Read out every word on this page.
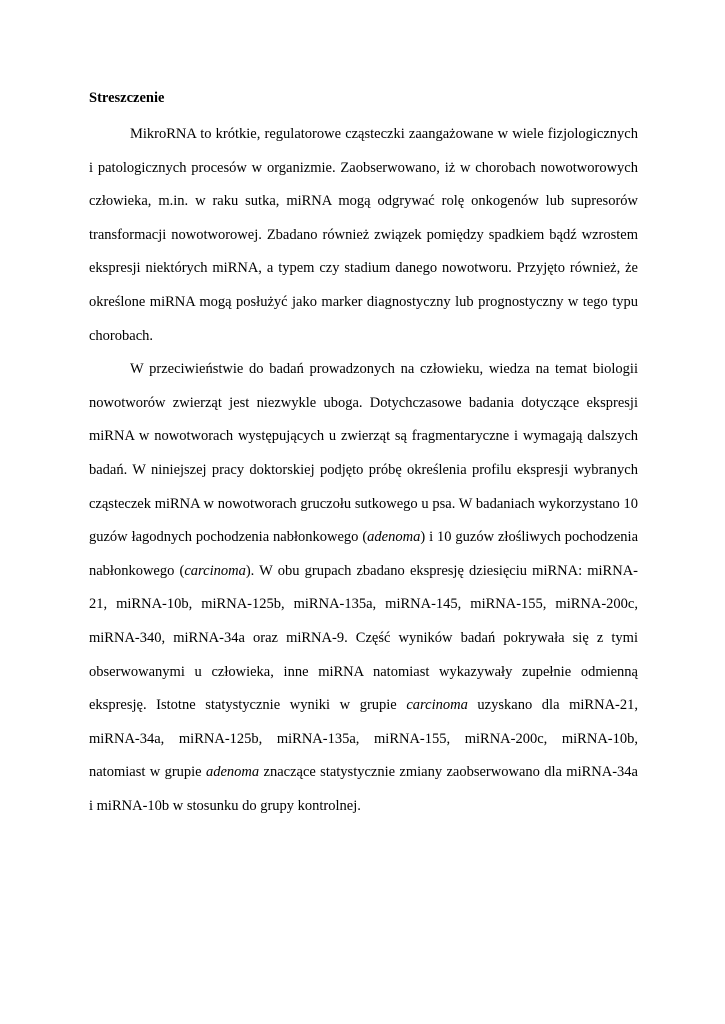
Streszczenie

MikroRNA to krótkie, regulatorowe cząsteczki zaangażowane w wiele fizjologicznych i patologicznych procesów w organizmie. Zaobserwowano, iż w chorobach nowotworowych człowieka, m.in. w raku sutka, miRNA mogą odgrywać rolę onkogenów lub supresorów transformacji nowotworowej. Zbadano również związek pomiędzy spadkiem bądź wzrostem ekspresji niektórych miRNA, a typem czy stadium danego nowotworu. Przyjęto również, że określone miRNA mogą posłużyć jako marker diagnostyczny lub prognostyczny w tego typu chorobach.

W przeciwieństwie do badań prowadzonych na człowieku, wiedza na temat biologii nowotworów zwierząt jest niezwykle uboga. Dotychczasowe badania dotyczące ekspresji miRNA w nowotworach występujących u zwierząt są fragmentaryczne i wymagają dalszych badań. W niniejszej pracy doktorskiej podjęto próbę określenia profilu ekspresji wybranych cząsteczek miRNA w nowotworach gruczołu sutkowego u psa. W badaniach wykorzystano 10 guzów łagodnych pochodzenia nabłonkowego (adenoma) i 10 guzów złośliwych pochodzenia nabłonkowego (carcinoma). W obu grupach zbadano ekspresję dziesięciu miRNA: miRNA-21, miRNA-10b, miRNA-125b, miRNA-135a, miRNA-145, miRNA-155, miRNA-200c, miRNA-340, miRNA-34a oraz miRNA-9. Część wyników badań pokrywała się z tymi obserwowanymi u człowieka, inne miRNA natomiast wykazywały zupełnie odmienną ekspresję. Istotne statystycznie wyniki w grupie carcinoma uzyskano dla miRNA-21, miRNA-34a, miRNA-125b, miRNA-135a, miRNA-155, miRNA-200c, miRNA-10b, natomiast w grupie adenoma znaczące statystycznie zmiany zaobserwowano dla miRNA-34a i miRNA-10b w stosunku do grupy kontrolnej.
